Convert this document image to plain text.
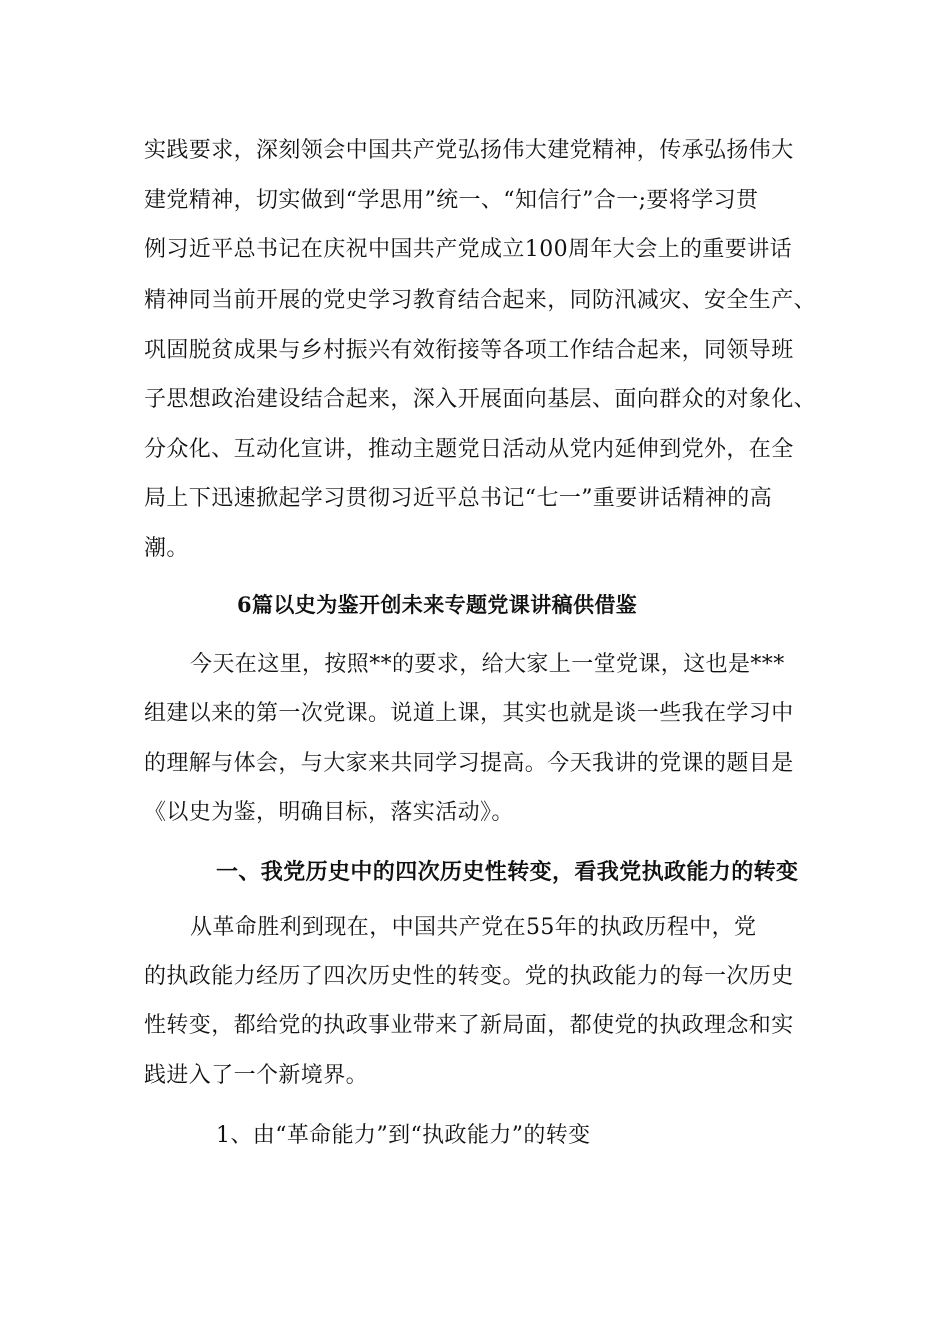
实践要求，深刻领会中国共产党弘扬伟大建党精神，传承弘扬伟大
建党精神，切实做到“学思用”统一、“知信行”合一;要将学习贯
例习近平总书记在庆祝中国共产党成立100周年大会上的重要讲话
精神同当前开展的党史学习教育结合起来，同防汛减灾、安全生产、
巩固脱贫成果与乡村振兴有效衔接等各项工作结合起来，同领导班
子思想政治建设结合起来，深入开展面向基层、面向群众的对象化、
分众化、互动化宣讲，推动主题党日活动从党内延伸到党外，在全
局上下迅速掀起学习贯彻习近平总书记“七一”重要讲话精神的高
潮。
6篇以史为鉴开创未来专题党课讲稿供借鉴
今天在这里，按照**的要求，给大家上一堂党课，这也是***
组建以来的第一次党课。说道上课，其实也就是谈一些我在学习中
的理解与体会，与大家来共同学习提高。今天我讲的党课的题目是
《以史为鉴，明确目标，落实活动》。
一、我党历史中的四次历史性转变，看我党执政能力的转变
从革命胜利到现在，中国共产党在55年的执政历程中，党
的执政能力经历了四次历史性的转变。党的执政能力的每一次历史
性转变，都给党的执政事业带来了新局面，都使党的执政理念和实
践进入了一个新境界。
1、由“革命能力”到“执政能力”的转变
